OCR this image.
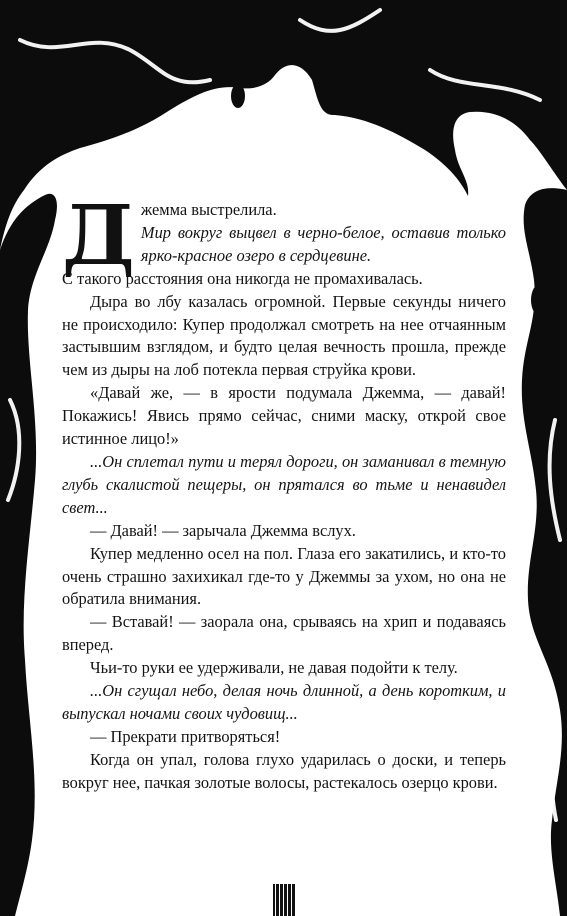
Д жемма выстрелила.
Мир вокруг выцвел в черно-белое, оставив только ярко-красное озеро в сердцевине.

С такого расстояния она никогда не промахивалась.

Дыра во лбу казалась огромной. Первые секунды ничего не происходило: Купер продолжал смотреть на нее отчаянным застывшим взглядом, и будто целая вечность прошла, прежде чем из дыры на лоб потекла первая струйка крови.

«Давай же, — в ярости подумала Джемма, — давай! Покажись! Явись прямо сейчас, сними маску, открой свое истинное лицо!»

...Он сплетал пути и терял дороги, он заманивал в темную глубь скалистой пещеры, он прятался во тьме и ненавидел свет...

— Давай! — зарычала Джемма вслух.

Купер медленно осел на пол. Глаза его закатились, и кто-то очень страшно захихикал где-то у Джеммы за ухом, но она не обратила внимания.

— Вставай! — заорала она, срываясь на хрип и подаваясь вперед.

Чьи-то руки ее удерживали, не давая подойти к телу.

...Он сгущал небо, делая ночь длинной, а день коротким, и выпускал ночами своих чудовищ...

— Прекрати притворяться!

Когда он упал, голова глухо ударилась о доски, и теперь вокруг нее, пачкая золотые волосы, растекалось озерцо крови.
